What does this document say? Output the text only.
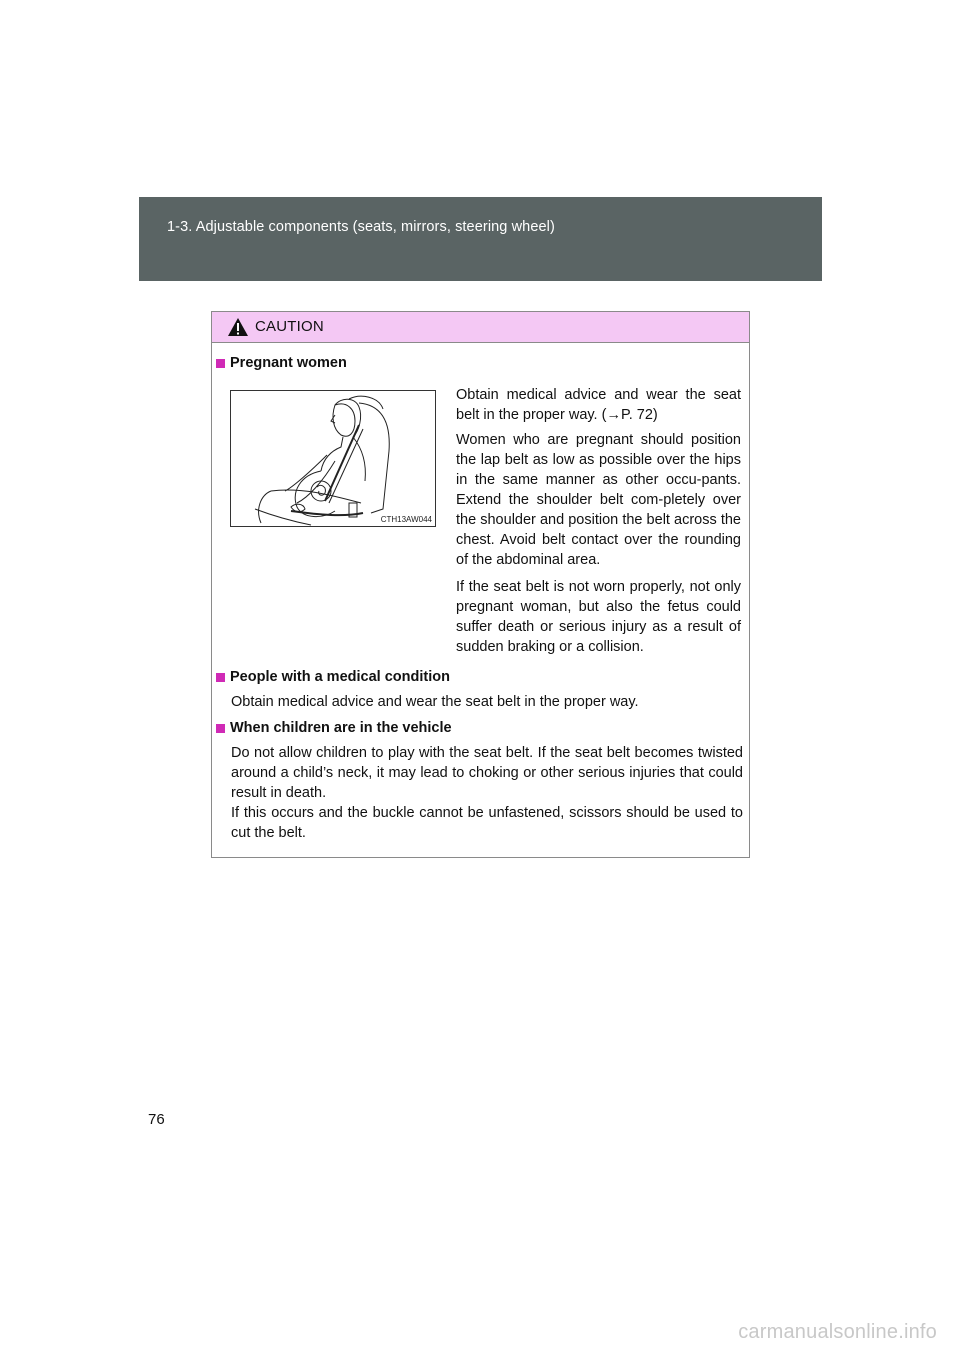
1-3. Adjustable components (seats, mirrors, steering wheel)
CAUTION
Pregnant women
CTH13AW044
Obtain medical advice and wear the seat belt in the proper way. (→P. 72)
Women who are pregnant should position the lap belt as low as possible over the hips in the same manner as other occu-pants. Extend the shoulder belt com-pletely over the shoulder and position the belt across the chest. Avoid belt contact over the rounding of the abdominal area.
If the seat belt is not worn properly, not only pregnant woman, but also the fetus could suffer death or serious injury as a result of sudden braking or a collision.
People with a medical condition
Obtain medical advice and wear the seat belt in the proper way.
When children are in the vehicle
Do not allow children to play with the seat belt. If the seat belt becomes twisted around a child’s neck, it may lead to choking or other serious injuries that could result in death.
If this occurs and the buckle cannot be unfastened, scissors should be used to cut the belt.
76
carmanualsonline.info
